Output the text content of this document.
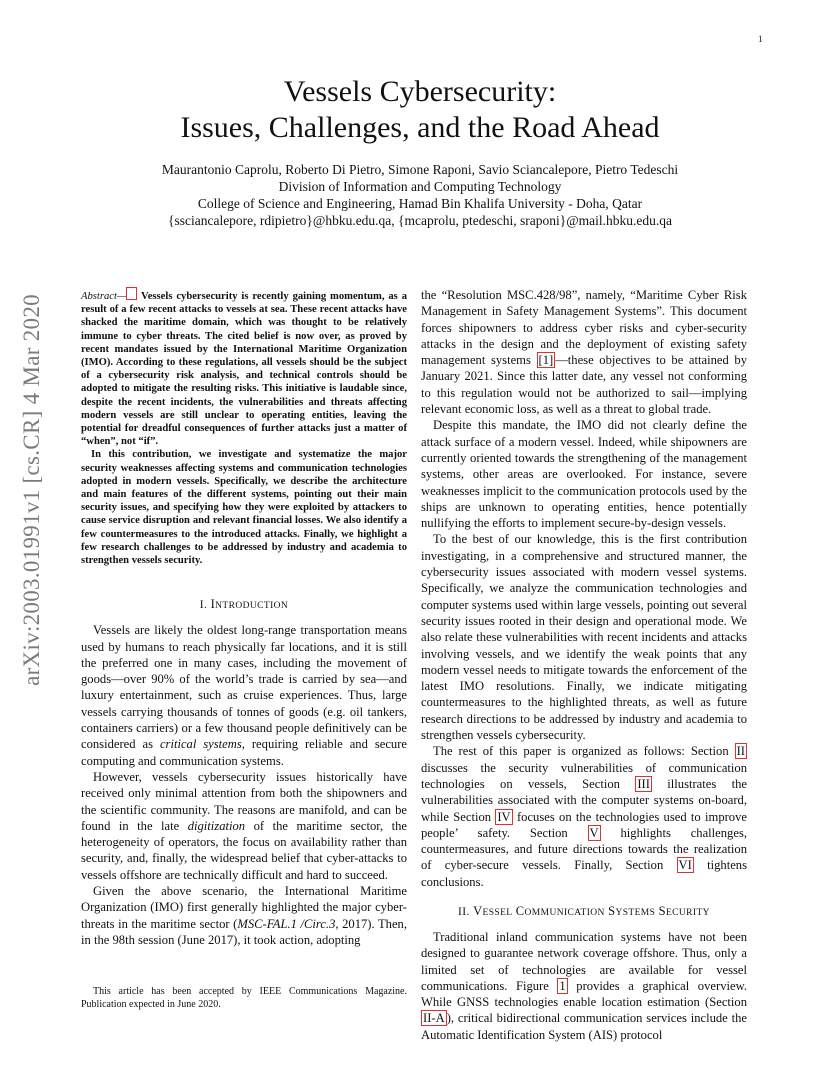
1
arXiv:2003.01991v1 [cs.CR] 4 Mar 2020
Vessels Cybersecurity:
Issues, Challenges, and the Road Ahead
Maurantonio Caprolu, Roberto Di Pietro, Simone Raponi, Savio Sciancalepore, Pietro Tedeschi
Division of Information and Computing Technology
College of Science and Engineering, Hamad Bin Khalifa University - Doha, Qatar
{ssciancalepore, rdipietro}@hbku.edu.qa, {mcaprolu, ptedeschi, sraponi}@mail.hbku.edu.qa

Abstract— Vessels cybersecurity is recently gaining momentum, as a result of a few recent attacks to vessels at sea. These recent attacks have shacked the maritime domain, which was thought to be relatively immune to cyber threats. The cited belief is now over, as proved by recent mandates issued by the International Maritime Organization (IMO). According to these regulations, all vessels should be the subject of a cybersecurity risk analysis, and technical controls should be adopted to mitigate the resulting risks. This initiative is laudable since, despite the recent incidents, the vulnerabilities and threats affecting modern vessels are still unclear to operating entities, leaving the potential for dreadful consequences of further attacks just a matter of “when”, not “if”.

In this contribution, we investigate and systematize the major security weaknesses affecting systems and communication technologies adopted in modern vessels. Specifically, we describe the architecture and main features of the different systems, pointing out their main security issues, and specifying how they were exploited by attackers to cause service disruption and relevant financial losses. We also identify a few countermeasures to the introduced attacks. Finally, we highlight a few research challenges to be addressed by industry and academia to strengthen vessels security.

I. INTRODUCTION

Vessels are likely the oldest long-range transportation means used by humans to reach physically far locations, and it is still the preferred one in many cases, including the movement of goods—over 90% of the world’s trade is carried by sea—and luxury entertainment, such as cruise experiences. Thus, large vessels carrying thousands of tonnes of goods (e.g. oil tankers, containers carriers) or a few thousand people definitively can be considered as critical systems, requiring reliable and secure computing and communication systems.

However, vessels cybersecurity issues historically have received only minimal attention from both the shipowners and the scientific community. The reasons are manifold, and can be found in the late digitization of the maritime sector, the heterogeneity of operators, the focus on availability rather than security, and, finally, the widespread belief that cyber-attacks to vessels offshore are technically difficult and hard to succeed.

Given the above scenario, the International Maritime Organization (IMO) first generally highlighted the major cyber-threats in the maritime sector (MSC-FAL.1 /Circ.3, 2017). Then, in the 98th session (June 2017), it took action, adopting

This article has been accepted by IEEE Communications Magazine. Publication expected in June 2020.

the “Resolution MSC.428/98”, namely, “Maritime Cyber Risk Management in Safety Management Systems”. This document forces shipowners to address cyber risks and cyber-security attacks in the design and the deployment of existing safety management systems [1] —these objectives to be attained by January 2021. Since this latter date, any vessel not conforming to this regulation would not be authorized to sail—implying relevant economic loss, as well as a threat to global trade.

Despite this mandate, the IMO did not clearly define the attack surface of a modern vessel. Indeed, while shipowners are currently oriented towards the strengthening of the management systems, other areas are overlooked. For instance, severe weaknesses implicit to the communication protocols used by the ships are unknown to operating entities, hence potentially nullifying the efforts to implement secure-by-design vessels.

To the best of our knowledge, this is the first contribution investigating, in a comprehensive and structured manner, the cybersecurity issues associated with modern vessel systems. Specifically, we analyze the communication technologies and computer systems used within large vessels, pointing out several security issues rooted in their design and operational mode. We also relate these vulnerabilities with recent incidents and attacks involving vessels, and we identify the weak points that any modern vessel needs to mitigate towards the enforcement of the latest IMO resolutions. Finally, we indicate mitigating countermeasures to the highlighted threats, as well as future research directions to be addressed by industry and academia to strengthen vessels cybersecurity.

The rest of this paper is organized as follows: Section II discusses the security vulnerabilities of communication technologies on vessels, Section III illustrates the vulnerabilities associated with the computer systems on-board, while Section IV focuses on the technologies used to improve people’ safety. Section V highlights challenges, countermeasures, and future directions towards the realization of cyber-secure vessels. Finally, Section VI tightens conclusions.

II. VESSEL COMMUNICATION SYSTEMS SECURITY

Traditional inland communication systems have not been designed to guarantee network coverage offshore. Thus, only a limited set of technologies are available for vessel communications. Figure 1 provides a graphical overview. While GNSS technologies enable location estimation (Section II-A ), critical bidirectional communication services include the Automatic Identification System (AIS) protocol
